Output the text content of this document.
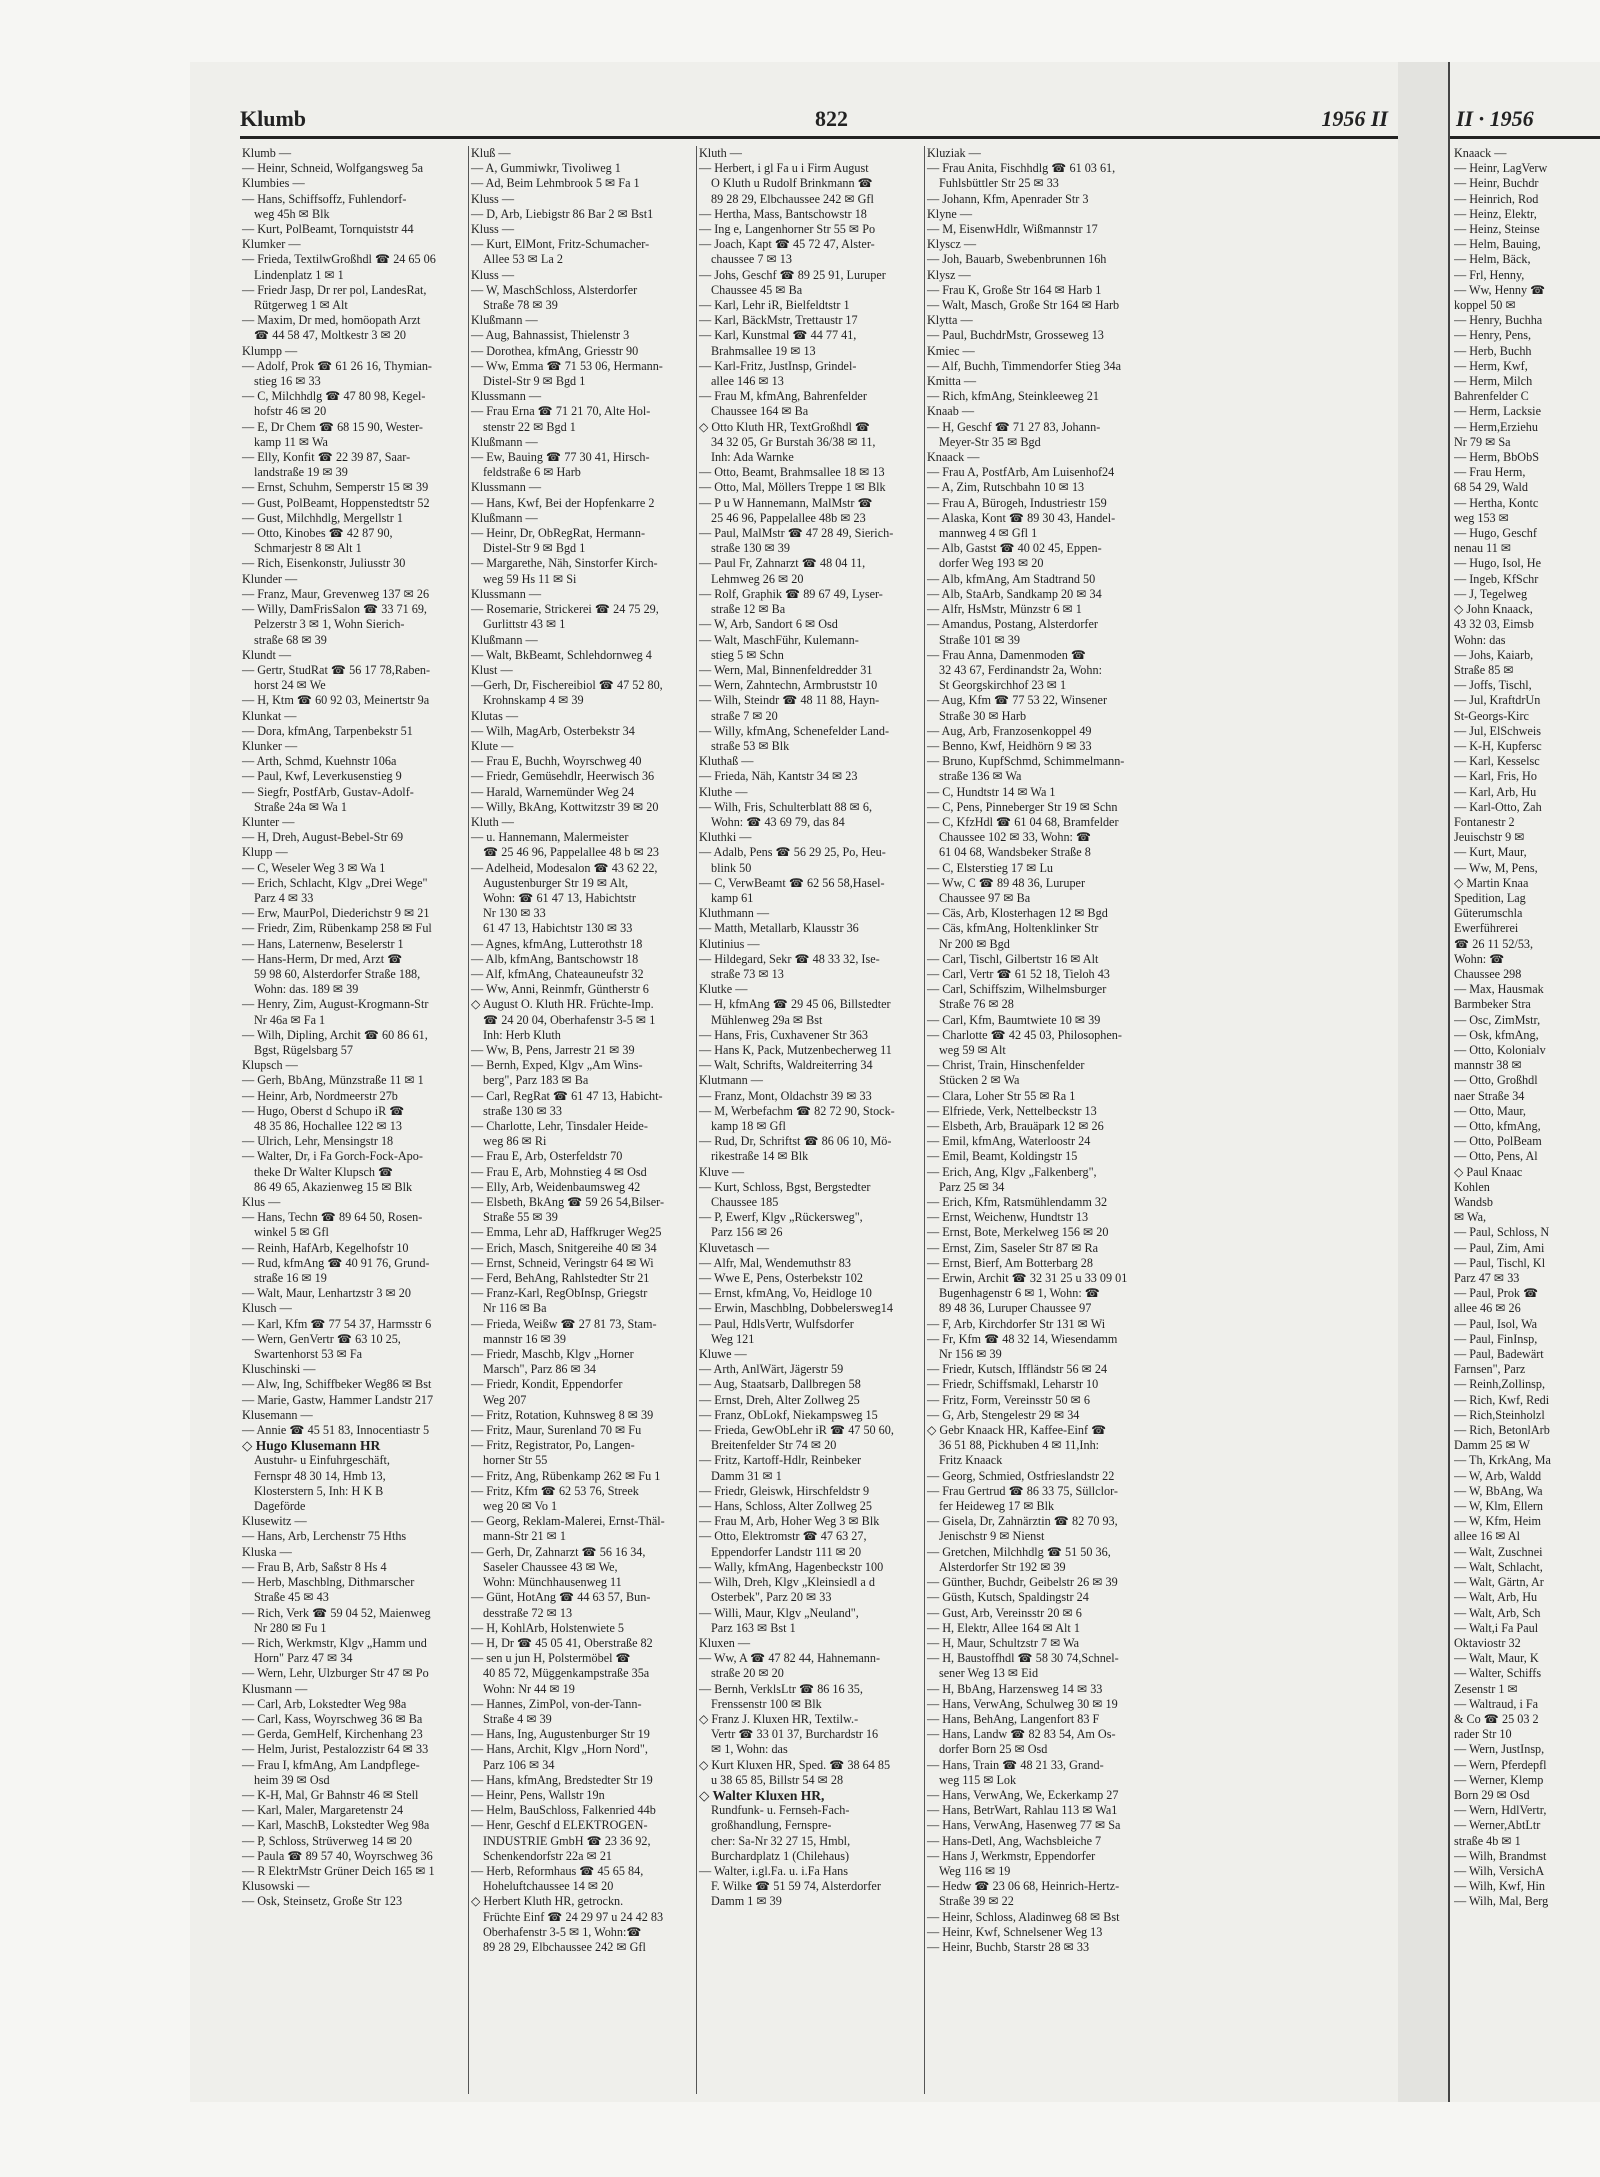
Klumb	822	1956 II
Klumb —
— Heinr, Schneid, Wolfgangsweg 5a
Klumbies —
— Hans, Schiffsoffz, Fuhlendorf-
weg 45h ✉ Blk
— Kurt, PolBeamt, Tornquiststr 44
Klumker —
— Frieda, TextilwGroßhdl ☎ 24 65 06
Lindenplatz 1 ✉ 1
— Friedr Jasp, Dr rer pol, LandesRat,
Rütgerweg 1 ✉ Alt
— Maxim, Dr med, homöopath Arzt
☎ 44 58 47, Moltkestr 3 ✉ 20
Klumpp —
— Adolf, Prok ☎ 61 26 16, Thymian-
stieg 16 ✉ 33
— C, Milchhdlg ☎ 47 80 98, Kegel-
hofstr 46 ✉ 20
— E, Dr Chem ☎ 68 15 90, Wester-
kamp 11 ✉ Wa
— Elly, Konfit ☎ 22 39 87, Saar-
landstraße 19 ✉ 39
— Ernst, Schuhm, Semperstr 15 ✉ 39
— Gust, PolBeamt, Hoppenstedtstr 52
— Gust, Milchhdlg, Mergellstr 1
— Otto, Kinobes ☎ 42 87 90,
Schmarjestr 8 ✉ Alt 1
— Rich, Eisenkonstr, Juliusstr 30
Klunder —
— Franz, Maur, Grevenweg 137 ✉ 26
— Willy, DamFrisSalon ☎ 33 71 69,
Pelzerstr 3 ✉ 1, Wohn Sierich-
straße 68 ✉ 39
Klundt —
— Gertr, StudRat ☎ 56 17 78,Raben-
horst 24 ✉ We
— H, Ktm ☎ 60 92 03, Meinertstr 9a
Klunkat —
— Dora, kfmAng, Tarpenbekstr 51
Klunker —
— Arth, Schmd, Kuehnstr 106a
— Paul, Kwf, Leverkusenstieg 9
— Siegfr, PostfArb, Gustav-Adolf-
Straße 24a ✉ Wa 1
Klunter —
— H, Dreh, August-Bebel-Str 69
Klupp —
— C, Weseler Weg 3 ✉ Wa 1
— Erich, Schlacht, Klgv „Drei Wege"
Parz 4 ✉ 33
— Erw, MaurPol, Diederichstr 9 ✉ 21
— Friedr, Zim, Rübenkamp 258 ✉ Ful
— Hans, Laternenw, Beselerstr 1
— Hans-Herm, Dr med, Arzt ☎
59 98 60, Alsterdorfer Straße 188,
Wohn: das. 189 ✉ 39
— Henry, Zim, August-Krogmann-Str
Nr 46a ✉ Fa 1
— Wilh, Dipling, Archit ☎ 60 86 61,
Bgst, Rügelsbarg 57
Klupsch —
— Gerh, BbAng, Münzstraße 11 ✉ 1
— Heinr, Arb, Nordmeerstr 27b
— Hugo, Oberst d Schupo iR ☎
48 35 86, Hochallee 122 ✉ 13
— Ulrich, Lehr, Mensingstr 18
— Walter, Dr, i Fa Gorch-Fock-Apo-
theke Dr Walter Klupsch ☎
86 49 65, Akazienweg 15 ✉ Blk
Klus —
— Hans, Techn ☎ 89 64 50, Rosen-
winkel 5 ✉ Gfl
— Reinh, HafArb, Kegelhofstr 10
— Rud, kfmAng ☎ 40 91 76, Grund-
straße 16 ✉ 19
— Walt, Maur, Lenhartzstr 3 ✉ 20
Klusch —
— Karl, Kfm ☎ 77 54 37, Harmsstr 6
— Wern, GenVertr ☎ 63 10 25,
Swartenhorst 53 ✉ Fa
Kluschinski —
— Alw, Ing, Schiffbeker Weg86 ✉ Bst
— Marie, Gastw, Hammer Landstr 217
Klusemann —
— Annie ☎ 45 51 83, Innocentiastr 5
◇ Hugo Klusemann HR
Austuhr- u Einfuhrgeschäft,
Fernspr 48 30 14, Hmb 13,
Klosterstern 5, Inh: H K B
Dageförde
Klusewitz —
— Hans, Arb, Lerchenstr 75 Hths
Kluska —
— Frau B, Arb, Saßstr 8 Hs 4
— Herb, Maschblng, Dithmarscher
Straße 45 ✉ 43
— Rich, Verk ☎ 59 04 52, Maienweg
Nr 280 ✉ Fu 1
— Rich, Werkmstr, Klgv „Hamm und
Horn" Parz 47 ✉ 34
— Wern, Lehr, Ulzburger Str 47 ✉ Po
Klusmann —
— Carl, Arb, Lokstedter Weg 98a
— Carl, Kass, Woyrschweg 36 ✉ Ba
— Gerda, GemHelf, Kirchenhang 23
— Helm, Jurist, Pestalozzistr 64 ✉ 33
— Frau I, kfmAng, Am Landpflege-
heim 39 ✉ Osd
— K-H, Mal, Gr Bahnstr 46 ✉ Stell
— Karl, Maler, Margaretenstr 24
— Karl, MaschB, Lokstedter Weg 98a
— P, Schloss, Strüverweg 14 ✉ 20
— Paula ☎ 89 57 40, Woyrschweg 36
— R ElektrMstr Grüner Deich 165 ✉ 1
Klusowski —
— Osk, Steinsetz, Große Str 123
Kluß —
— A, Gummiwkr, Tivoliweg 1
— Ad, Beim Lehmbrook 5 ✉ Fa 1
Kluss —
— D, Arb, Liebigstr 86 Bar 2 ✉ Bst1
Kluss —
— Kurt, ElMont, Fritz-Schumacher-
Allee 53 ✉ La 2
Kluss —
— W, MaschSchloss, Alsterdorfer
Straße 78 ✉ 39
Klußmann —
— Aug, Bahnassist, Thielenstr 3
— Dorothea, kfmAng, Griesstr 90
— Ww, Emma ☎ 71 53 06, Hermann-
Distel-Str 9 ✉ Bgd 1
Klussmann —
— Frau Erna ☎ 71 21 70, Alte Hol-
stenstr 22 ✉ Bgd 1
Klußmann —
— Ew, Bauing ☎ 77 30 41, Hirsch-
feldstraße 6 ✉ Harb
Klussmann —
— Hans, Kwf, Bei der Hopfenkarre 2
Klußmann —
— Heinr, Dr, ObRegRat, Hermann-
Distel-Str 9 ✉ Bgd 1
— Margarethe, Näh, Sinstorfer Kirch-
weg 59 Hs 11 ✉ Si
Klussmann —
— Rosemarie, Strickerei ☎ 24 75 29,
Gurlittstr 43 ✉ 1
Klußmann —
— Walt, BkBeamt, Schlehdornweg 4
Klust —
—Gerh, Dr, Fischereibiol ☎ 47 52 80,
Krohnskamp 4 ✉ 39
Klutas —
— Wilh, MagArb, Osterbekstr 34
Klute —
— Frau E, Buchh, Woyrschweg 40
— Friedr, Gemüsehdlr, Heerwisch 36
— Harald, Warnemünder Weg 24
— Willy, BkAng, Kottwitzstr 39 ✉ 20
Kluth —
— u. Hannemann, Malermeister
☎ 25 46 96, Pappelallee 48 b ✉ 23
— Adelheid, Modesalon ☎ 43 62 22,
Augustenburger Str 19 ✉ Alt,
Wohn: ☎ 61 47 13, Habichtstr
Nr 130 ✉ 33
61 47 13, Habichtstr 130 ✉ 33
— Agnes, kfmAng, Lutterothstr 18
— Alb, kfmAng, Bantschowstr 18
— Alf, kfmAng, Chateauneufstr 32
— Ww, Anni, Reinmfr, Güntherstr 6
◇ August O. Kluth HR. Früchte-Imp.
☎ 24 20 04, Oberhafenstr 3-5 ✉ 1
Inh: Herb Kluth
— Ww, B, Pens, Jarrestr 21 ✉ 39
— Bernh, Exped, Klgv „Am Wins-
berg", Parz 183 ✉ Ba
— Carl, RegRat ☎ 61 47 13, Habicht-
straße 130 ✉ 33
— Charlotte, Lehr, Tinsdaler Heide-
weg 86 ✉ Ri
— Frau E, Arb, Osterfeldstr 70
— Frau E, Arb, Mohnstieg 4 ✉ Osd
— Elly, Arb, Weidenbaumsweg 42
— Elsbeth, BkAng ☎ 59 26 54,Bilser-
Straße 55 ✉ 39
— Emma, Lehr aD, Haffkruger Weg25
— Erich, Masch, Snitgereihe 40 ✉ 34
— Ernst, Schneid, Veringstr 64 ✉ Wi
— Ferd, BehAng, Rahlstedter Str 21
— Franz-Karl, RegObInsp, Griegstr
Nr 116 ✉ Ba
— Frieda, Weißw ☎ 27 81 73, Stam-
mannstr 16 ✉ 39
— Friedr, Maschb, Klgv „Horner
Marsch", Parz 86 ✉ 34
— Friedr, Kondit, Eppendorfer
Weg 207
— Fritz, Rotation, Kuhnsweg 8 ✉ 39
— Fritz, Maur, Surenland 70 ✉ Fu
— Fritz, Registrator, Po, Langen-
horner Str 55
— Fritz, Ang, Rübenkamp 262 ✉ Fu 1
— Fritz, Kfm ☎ 62 53 76, Streek
weg 20 ✉ Vo 1
— Georg, Reklam-Malerei, Ernst-Thäl-
mann-Str 21 ✉ 1
— Gerh, Dr, Zahnarzt ☎ 56 16 34,
Saseler Chaussee 43 ✉ We,
Wohn: Münchhausenweg 11
— Günt, HotAng ☎ 44 63 57, Bun-
desstraße 72 ✉ 13
— H, KohlArb, Holstenwiete 5
— H, Dr ☎ 45 05 41, Oberstraße 82
— sen u jun H, Polstermöbel ☎
40 85 72, Müggenkampstraße 35a
Wohn: Nr 44 ✉ 19
— Hannes, ZimPol, von-der-Tann-
Straße 4 ✉ 39
— Hans, Ing, Augustenburger Str 19
— Hans, Archit, Klgv „Horn Nord",
Parz 106 ✉ 34
— Hans, kfmAng, Bredstedter Str 19
— Heinr, Pens, Wallstr 19n
— Helm, BauSchloss, Falkenried 44b
— Henr, Geschf d ELEKTROGEN-
INDUSTRIE GmbH ☎ 23 36 92,
Schenkendorfstr 22a ✉ 21
— Herb, Reformhaus ☎ 45 65 84,
Hoheluftchaussee 14 ✉ 20
◇ Herbert Kluth HR, getrockn.
Früchte Einf ☎ 24 29 97 u 24 42 83
Oberhafenstr 3-5 ✉ 1, Wohn:☎
89 28 29, Elbchaussee 242 ✉ Gfl
Kluth —
— Herbert, i gl Fa u i Firm August
O Kluth u Rudolf Brinkmann ☎
89 28 29, Elbchaussee 242 ✉ Gfl
— Hertha, Mass, Bantschowstr 18
— Ing e, Langenhorner Str 55 ✉ Po
— Joach, Kapt ☎ 45 72 47, Alster-
chaussee 7 ✉ 13
— Johs, Geschf ☎ 89 25 91, Luruper
Chaussee 45 ✉ Ba
— Karl, Lehr iR, Bielfeldtstr 1
— Karl, BäckMstr, Trettaustr 17
— Karl, Kunstmal ☎ 44 77 41,
Brahmsallee 19 ✉ 13
— Karl-Fritz, JustInsp, Grindel-
allee 146 ✉ 13
— Frau M, kfmAng, Bahrenfelder
Chaussee 164 ✉ Ba
◇ Otto Kluth HR, TextGroßhdl ☎
34 32 05, Gr Burstah 36/38 ✉ 11,
Inh: Ada Warnke
— Otto, Beamt, Brahmsallee 18 ✉ 13
— Otto, Mal, Möllers Treppe 1 ✉ Blk
— P u W Hannemann, MalMstr ☎
25 46 96, Pappelallee 48b ✉ 23
— Paul, MalMstr ☎ 47 28 49, Sierich-
straße 130 ✉ 39
— Paul Fr, Zahnarzt ☎ 48 04 11,
Lehmweg 26 ✉ 20
— Rolf, Graphik ☎ 89 67 49, Lyser-
straße 12 ✉ Ba
— W, Arb, Sandort 6 ✉ Osd
— Walt, MaschFühr, Kulemann-
stieg 5 ✉ Schn
— Wern, Mal, Binnenfeldredder 31
— Wern, Zahntechn, Armbruststr 10
— Wilh, Steindr ☎ 48 11 88, Hayn-
straße 7 ✉ 20
— Willy, kfmAng, Schenefelder Land-
straße 53 ✉ Blk
Kluthaß —
— Frieda, Näh, Kantstr 34 ✉ 23
Kluthe —
— Wilh, Fris, Schulterblatt 88 ✉ 6,
Wohn: ☎ 43 69 79, das 84
Kluthki —
— Adalb, Pens ☎ 56 29 25, Po, Heu-
blink 50
— C, VerwBeamt ☎ 62 56 58,Hasel-
kamp 61
Kluthmann —
— Matth, Metallarb, Klausstr 36
Klutinius —
— Hildegard, Sekr ☎ 48 33 32, Ise-
straße 73 ✉ 13
Klutke —
— H, kfmAng ☎ 29 45 06, Billstedter
Mühlenweg 29a ✉ Bst
— Hans, Fris, Cuxhavener Str 363
— Hans K, Pack, Mutzenbecherweg 11
— Walt, Schrifts, Waldreiterring 34
Klutmann —
— Franz, Mont, Oldachstr 39 ✉ 33
— M, Werbefachm ☎ 82 72 90, Stock-
kamp 18 ✉ Gfl
— Rud, Dr, Schriftst ☎ 86 06 10, Mö-
rikestraße 14 ✉ Blk
Kluve —
— Kurt, Schloss, Bgst, Bergstedter
Chaussee 185
— P, Ewerf, Klgv „Rückersweg",
Parz 156 ✉ 26
Kluvetasch —
— Alfr, Mal, Wendemuthstr 83
— Wwe E, Pens, Osterbekstr 102
— Ernst, kfmAng, Vo, Heidloge 10
— Erwin, Maschblng, Dobbelersweg14
— Paul, HdlsVertr, Wulfsdorfer
Weg 121
Kluwe —
— Arth, AnlWärt, Jägerstr 59
— Aug, Staatsarb, Dallbregen 58
— Ernst, Dreh, Alter Zollweg 25
— Franz, ObLokf, Niekampsweg 15
— Frieda, GewObLehr iR ☎ 47 50 60,
Breitenfelder Str 74 ✉ 20
— Fritz, Kartoff-Hdlr, Reinbeker
Damm 31 ✉ 1
— Friedr, Gleiswk, Hirschfeldstr 9
— Hans, Schloss, Alter Zollweg 25
— Frau M, Arb, Hoher Weg 3 ✉ Blk
— Otto, Elektromstr ☎ 47 63 27,
Eppendorfer Landstr 111 ✉ 20
— Wally, kfmAng, Hagenbeckstr 100
— Wilh, Dreh, Klgv „Kleinsiedl a d
Osterbek", Parz 20 ✉ 33
— Willi, Maur, Klgv „Neuland",
Parz 163 ✉ Bst 1
Kluxen —
— Ww, A ☎ 47 82 44, Hahnemann-
straße 20 ✉ 20
— Bernh, VerklsLtr ☎ 86 16 35,
Frenssenstr 100 ✉ Blk
◇ Franz J. Kluxen HR, Textilw.-
Vertr ☎ 33 01 37, Burchardstr 16
✉ 1, Wohn: das
◇ Kurt Kluxen HR, Sped. ☎ 38 64 85
u 38 65 85, Billstr 54 ✉ 28
◇ Walter Kluxen HR,
Rundfunk- u. Fernseh-Fach-
großhandlung, Fernspre-
cher: Sa-Nr 32 27 15, Hmbl,
Burchardplatz 1 (Chilehaus)
— Walter, i.gl.Fa. u. i.Fa Hans
F. Wilke ☎ 51 59 74, Alsterdorfer
Damm 1 ✉ 39
Kluziak —
— Frau Anita, Fischhdlg ☎ 61 03 61,
Fuhlsbüttler Str 25 ✉ 33
— Johann, Kfm, Apenrader Str 3
Klyne —
— M, EisenwHdlr, Wißmannstr 17
Klyscz —
— Joh, Bauarb, Swebenbrunnen 16h
Klysz —
— Frau K, Große Str 164 ✉ Harb 1
— Walt, Masch, Große Str 164 ✉ Harb
Klytta —
— Paul, BuchdrMstr, Grosseweg 13
Kmiec —
— Alf, Buchh, Timmendorfer Stieg 34a
Kmitta —
— Rich, kfmAng, Steinkleeweg 21
Knaab —
— H, Geschf ☎ 71 27 83, Johann-
Meyer-Str 35 ✉ Bgd
Knaack —
— Frau A, PostfArb, Am Luisenhof24
— A, Zim, Rutschbahn 10 ✉ 13
— Frau A, Bürogeh, Industriestr 159
— Alaska, Kont ☎ 89 30 43, Handel-
mannweg 4 ✉ Gfl 1
— Alb, Gastst ☎ 40 02 45, Eppen-
dorfer Weg 193 ✉ 20
— Alb, kfmAng, Am Stadtrand 50
— Alb, StaArb, Sandkamp 20 ✉ 34
— Alfr, HsMstr, Münzstr 6 ✉ 1
— Amandus, Postang, Alsterdorfer
Straße 101 ✉ 39
— Frau Anna, Damenmoden ☎
32 43 67, Ferdinandstr 2a, Wohn:
St Georgskirchhof 23 ✉ 1
— Aug, Kfm ☎ 77 53 22, Winsener
Straße 30 ✉ Harb
— Aug, Arb, Franzosenkoppel 49
— Benno, Kwf, Heidhörn 9 ✉ 33
— Bruno, KupfSchmd, Schimmelmann-
straße 136 ✉ Wa
— C, Hundtstr 14 ✉ Wa 1
— C, Pens, Pinneberger Str 19 ✉ Schn
— C, KfzHdl ☎ 61 04 68, Bramfelder
Chaussee 102 ✉ 33, Wohn: ☎
61 04 68, Wandsbeker Straße 8
— C, Elsterstieg 17 ✉ Lu
— Ww, C ☎ 89 48 36, Luruper
Chaussee 97 ✉ Ba
— Cäs, Arb, Klosterhagen 12 ✉ Bgd
— Cäs, kfmAng, Holtenklinker Str
Nr 200 ✉ Bgd
— Carl, Tischl, Gilbertstr 16 ✉ Alt
— Carl, Vertr ☎ 61 52 18, Tieloh 43
— Carl, Schiffszim, Wilhelmsburger
Straße 76 ✉ 28
— Carl, Kfm, Baumtwiete 10 ✉ 39
— Charlotte ☎ 42 45 03, Philosophen-
weg 59 ✉ Alt
— Christ, Train, Hinschenfelder
Stücken 2 ✉ Wa
— Clara, Loher Str 55 ✉ Ra 1
— Elfriede, Verk, Nettelbeckstr 13
— Elsbeth, Arb, Brauäpark 12 ✉ 26
— Emil, kfmAng, Waterloostr 24
— Emil, Beamt, Koldingstr 15
— Erich, Ang, Klgv „Falkenberg",
Parz 25 ✉ 34
— Erich, Kfm, Ratsmühlendamm 32
— Ernst, Weichenw, Hundtstr 13
— Ernst, Bote, Merkelweg 156 ✉ 20
— Ernst, Zim, Saseler Str 87 ✉ Ra
— Ernst, Bierf, Am Botterbarg 28
— Erwin, Archit ☎ 32 31 25 u 33 09 01
Bugenhagenstr 6 ✉ 1, Wohn: ☎
89 48 36, Luruper Chaussee 97
— F, Arb, Kirchdorfer Str 131 ✉ Wi
— Fr, Kfm ☎ 48 32 14, Wiesendamm
Nr 156 ✉ 39
— Friedr, Kutsch, Iffländstr 56 ✉ 24
— Friedr, Schiffsmakl, Leharstr 10
— Fritz, Form, Vereinsstr 50 ✉ 6
— G, Arb, Stengelestr 29 ✉ 34
◇ Gebr Knaack HR, Kaffee-Einf ☎
36 51 88, Pickhuben 4 ✉ 11,Inh:
Fritz Knaack
— Georg, Schmied, Ostfrieslandstr 22
— Frau Gertrud ☎ 86 33 75, Süllclor-
fer Heideweg 17 ✉ Blk
— Gisela, Dr, Zahnärztin ☎ 82 70 93,
Jenischstr 9 ✉ Nienst
— Gretchen, Milchhdlg ☎ 51 50 36,
Alsterdorfer Str 192 ✉ 39
— Günther, Buchdr, Geibelstr 26 ✉ 39
— Güsth, Kutsch, Spaldingstr 24
— Gust, Arb, Vereinsstr 20 ✉ 6
— H, Elektr, Allee 164 ✉ Alt 1
— H, Maur, Schultzstr 7 ✉ Wa
— H, Baustoffhdl ☎ 58 30 74,Schnel-
sener Weg 13 ✉ Eid
— H, BbAng, Harzensweg 14 ✉ 33
— Hans, VerwAng, Schulweg 30 ✉ 19
— Hans, BehAng, Langenfort 83 F
— Hans, Landw ☎ 82 83 54, Am Os-
dorfer Born 25 ✉ Osd
— Hans, Train ☎ 48 21 33, Grand-
weg 115 ✉ Lok
— Hans, VerwAng, We, Eckerkamp 27
— Hans, BetrWart, Rahlau 113 ✉ Wa1
— Hans, VerwAng, Hasenweg 77 ✉ Sa
— Hans-Detl, Ang, Wachsbleiche 7
— Hans J, Werkmstr, Eppendorfer
Weg 116 ✉ 19
— Hedw ☎ 23 06 68, Heinrich-Hertz-
Straße 39 ✉ 22
— Heinr, Schloss, Aladinweg 68 ✉ Bst
— Heinr, Kwf, Schnelsener Weg 13
— Heinr, Buchb, Starstr 28 ✉ 33
II · 1956
Knaack —
— Heinr, LagVerw
— Heinr, Buchdr
— Heinrich, Rod
— Heinz, Elektr,
— Heinz, Steinse
— Helm, Bauing,
— Helm, Bäck,
— Frl, Henny,
— Ww, Henny ☎
koppel 50 ✉
— Henry, Buchha
— Henry, Pens,
— Herb, Buchh
— Herm, Kwf,
— Herm, Milch
Bahrenfelder C
— Herm, Lacksie
— Herm,Erziehu
Nr 79 ✉ Sa
— Herm, BbObS
— Frau Herm,
68 54 29, Wald
— Hertha, Kontc
weg 153 ✉
— Hugo, Geschf
nenau 11 ✉
— Hugo, Isol, He
— Ingeb, KfSchr
— J, Tegelweg
◇ John Knaack,
43 32 03, Eimsb
Wohn: das
— Johs, Kaiarb,
Straße 85 ✉
— Joffs, Tischl,
— Jul, KraftdrUn
St-Georgs-Kirc
— Jul, ElSchweis
— K-H, Kupfersc
— Karl, Kesselsc
— Karl, Fris, Ho
— Karl, Arb, Hu
— Karl-Otto, Zah
Fontanestr 2
Jeuischstr 9 ✉
— Kurt, Maur,
— Ww, M, Pens,
◇ Martin Knaa
Spedition, Lag
Güterumschla
Ewerführerei
☎ 26 11 52/53,
Wohn: ☎
Chaussee 298
— Max, Hausmak
Barmbeker Stra
— Osc, ZimMstr,
— Osk, kfmAng,
— Otto, Kolonialv
mannstr 38 ✉
— Otto, Großhdl
naer Straße 34
— Otto, Maur,
— Otto, kfmAng,
— Otto, PolBeam
— Otto, Pens, Al
◇ Paul Knaac
Kohlen
Wandsb
✉ Wa,
— Paul, Schloss, N
— Paul, Zim, Ami
— Paul, Tischl, Kl
Parz 47 ✉ 33
— Paul, Prok ☎
allee 46 ✉ 26
— Paul, Isol, Wa
— Paul, FinInsp,
— Paul, Badewärt
Farnsen", Parz
— Reinh,Zollinsp,
— Rich, Kwf, Redi
— Rich,Steinholzl
— Rich, BetonlArb
Damm 25 ✉ W
— Th, KrkAng, Ma
— W, Arb, Waldd
— W, BbAng, Wa
— W, Klm, Ellern
— W, Kfm, Heim
allee 16 ✉ Al
— Walt, Zuschnei
— Walt, Schlacht,
— Walt, Gärtn, Ar
— Walt, Arb, Hu
— Walt, Arb, Sch
— Walt,i Fa Paul
Oktaviostr 32
— Walt, Maur, K
— Walter, Schiffs
Zesenstr 1 ✉
— Waltraud, i Fa
& Co ☎ 25 03 2
rader Str 10
— Wern, JustInsp,
— Wern, Pferdepfl
— Werner, Klemp
Born 29 ✉ Osd
— Wern, HdlVertr,
— Werner,AbtLtr
straße 4b ✉ 1
— Wilh, Brandmst
— Wilh, VersichA
— Wilh, Kwf, Hin
— Wilh, Mal, Berg
